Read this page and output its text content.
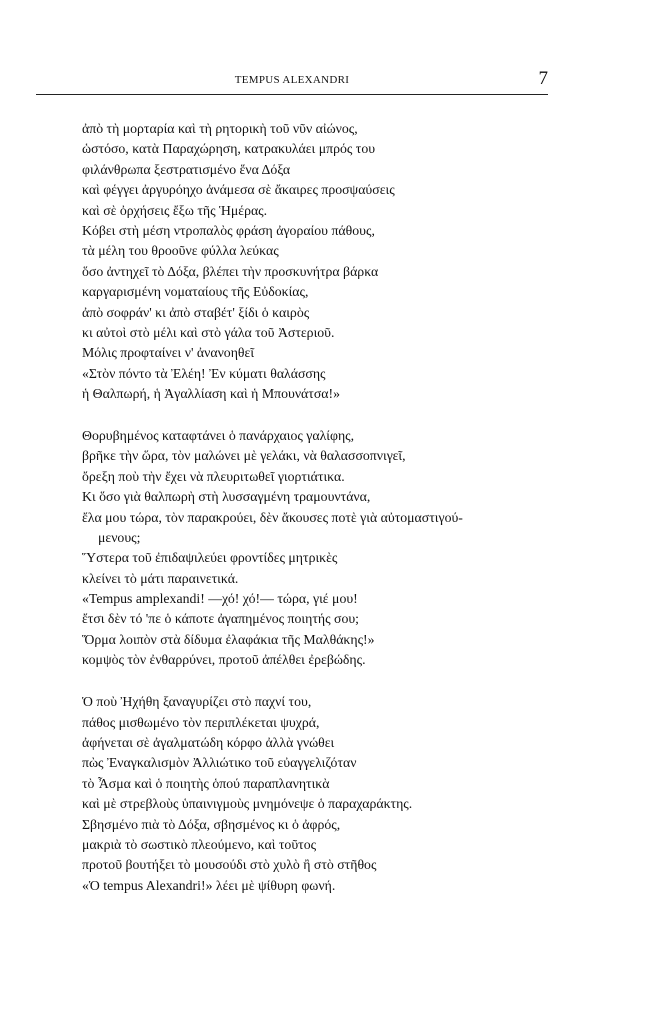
TEMPUS ALEXANDRI	7
ἀπὸ τὴ μορταρία καὶ τὴ ρητορικὴ τοῦ νῦν αἰώνος,
ὡστόσο, κατὰ Παραχώρηση, κατρακυλάει μπρός του
φιλάνθρωπα ξεστρατισμένο ἕνα Δόξα
καὶ φέγγει ἀργυρόηχο ἀνάμεσα σὲ ἄκαιρες προσψαύσεις
καὶ σὲ ὀρχήσεις ἔξω τῆς Ἡμέρας.
Κόβει στὴ μέση ντροπαλὸς φράση ἀγοραίου πάθους,
τὰ μέλη του θροοῦνε φύλλα λεύκας
ὅσο ἀντηχεῖ τὸ Δόξα, βλέπει τὴν προσκυνήτρα βάρκα
καργαρισμένη νοματαίους τῆς Εὐδοκίας,
ἀπὸ σοφράν' κι ἀπὸ σταβέτ' ξίδι ὁ καιρὸς
κι αὐτοὶ στὸ μέλι καὶ στὸ γάλα τοῦ Ἀστεριοῦ.
Μόλις προφταίνει ν' ἀνανοηθεῖ
«Στὸν πόντο τὰ Ἐλέη! Ἐν κύματι θαλάσσης
ἡ Θαλπωρή, ἡ Ἀγαλλίαση καὶ ἡ Μπουνάτσα!»
Θορυβημένος καταφτάνει ὁ πανάρχαιος γαλίφης,
βρῆκε τὴν ὥρα, τὸν μαλώνει μὲ γελάκι, νὰ θαλασσοπνιγεῖ,
ὄρεξη ποὺ τὴν ἔχει νὰ πλευριτωθεῖ γιορτιάτικα.
Κι ὅσο γιὰ θαλπωρὴ στὴ λυσσαγμένη τραμουντάνα,
ἔλα μου τώρα, τὸν παρακρούει, δὲν ἄκουσες ποτὲ γιὰ αὐτομαστιγού-
μενους;
Ὕστερα τοῦ ἐπιδαψιλεύει φροντίδες μητρικὲς
κλείνει τὸ μάτι παραινετικά.
«Tempus amplexandi! —χό! χό!— τώρα, γιέ μου!
ἔτσι δὲν τό 'πε ὁ κάποτε ἀγαπημένος ποιητής σου;
Ὅρμα λοιπὸν στὰ δίδυμα ἐλαφάκια τῆς Μαλθάκης!»
κομψὸς τὸν ἐνθαρρύνει, προτοῦ ἀπέλθει ἐρεβώδης.
Ὁ ποὺ Ἠχήθη ξαναγυρίζει στὸ παχνί του,
πάθος μισθωμένο τὸν περιπλέκεται ψυχρά,
ἀφήνεται σὲ ἀγαλματώδη κόρφο ἀλλὰ γνώθει
πὼς Ἐναγκαλισμὸν Ἀλλιώτικο τοῦ εὐαγγελιζόταν
τὸ Ἆσμα καὶ ὁ ποιητὴς ὁπού παραπλανητικὰ
καὶ μὲ στρεβλοὺς ὑπαινιγμοὺς μνημόνεψε ὁ παραχαράκτης.
Σβησμένο πιὰ τὸ Δόξα, σβησμένος κι ὁ ἀφρός,
μακριὰ τὸ σωστικὸ πλεούμενο, καὶ τοῦτος
προτοῦ βουτήξει τὸ μουσούδι στὸ χυλὸ ἢ στὸ στῆθος
«Ὁ tempus Alexandri!» λέει μὲ ψίθυρη φωνή.
